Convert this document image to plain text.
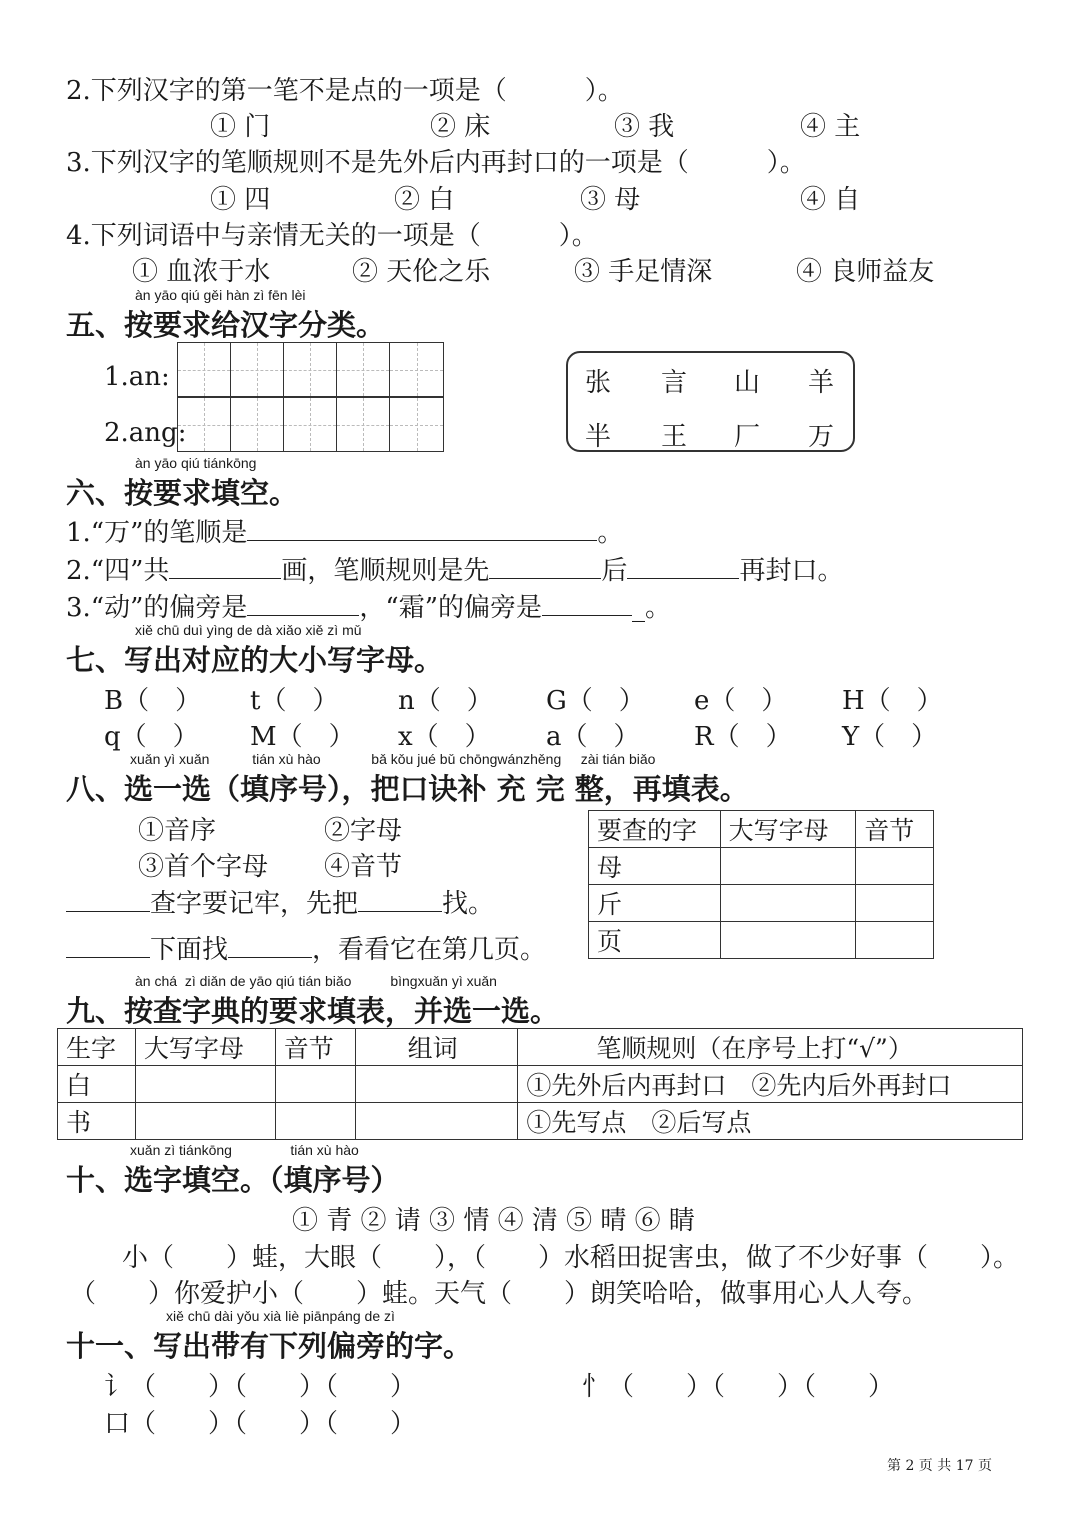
2.下列汉字的第一笔不是点的一项是（　　　）。
① 门	② 床	③ 我	④ 主
3.下列汉字的笔顺规则不是先外后内再封口的一项是（　　　）。
① 四	② 白	③ 母	④ 自
4.下列词语中与亲情无关的一项是（　　　）。
① 血浓于水	② 天伦之乐	③ 手足情深	④ 良师益友
àn yāo qiú gěi hàn zì fēn lèi
五、按要求给汉字分类。
1.an:
2.ang:
张 言 山 羊
半 王 厂 万
àn yāo qiú tiánkōng
六、按要求填空。
1.“万”的笔顺是	。
2.“四”共	画，笔顺规则是先	后	再封口。
3.“动”的偏旁是	，“霜”的偏旁是	_。
xiě chū duì yìng de dà xiǎo xiě zì mǔ
七、写出对应的大小写字母。
B（　） t（　） n（　） G（　） e（　） H（　）
q（　） M（　） x（　） a（　） R（　） Y（　）
xuǎn yì xuǎn	tián xù hào	bǎ kǒu jué bǔ chōngwánzhěng zài tián biǎo
八、选一选（填序号），把口诀补 充 完 整，再填表。
①音序	②字母
③首个字母 ④音节
查字要记牢，先把	找。
下面找	，看看它在第几页。
要查的字	大写字母	音节
母		
斤		
页		
àn chá zì diǎn de yāo qiú tián biǎo	bìngxuǎn yì xuǎn
九、按查字典的要求填表，并选一选。
生字	大写字母	音节	组词	笔顺规则（在序号上打“√”）
白				①先外后内再封口　②先内后外再封口
书				①先写点　②后写点
xuǎn zì tiánkōng	tián xù hào
十、选字填空。（填序号）
① 青 ② 请 ③ 情 ④ 清 ⑤ 晴 ⑥ 睛
小（　　）蛙，大眼（　　），（　　）水稻田捉害虫，做了不少好事（　　）。
（　　）你爱护小（　　）蛙。天气（　　）朗笑哈哈，做事用心人人夸。
xiě chū dài yǒu xià liè piānpáng de zì
十一、写出带有下列偏旁的字。
讠（　　）（　　）（　　）	忄（　　）（　　）（　　）
口（　　）（　　）（　　）
第 2 页 共 17 页
